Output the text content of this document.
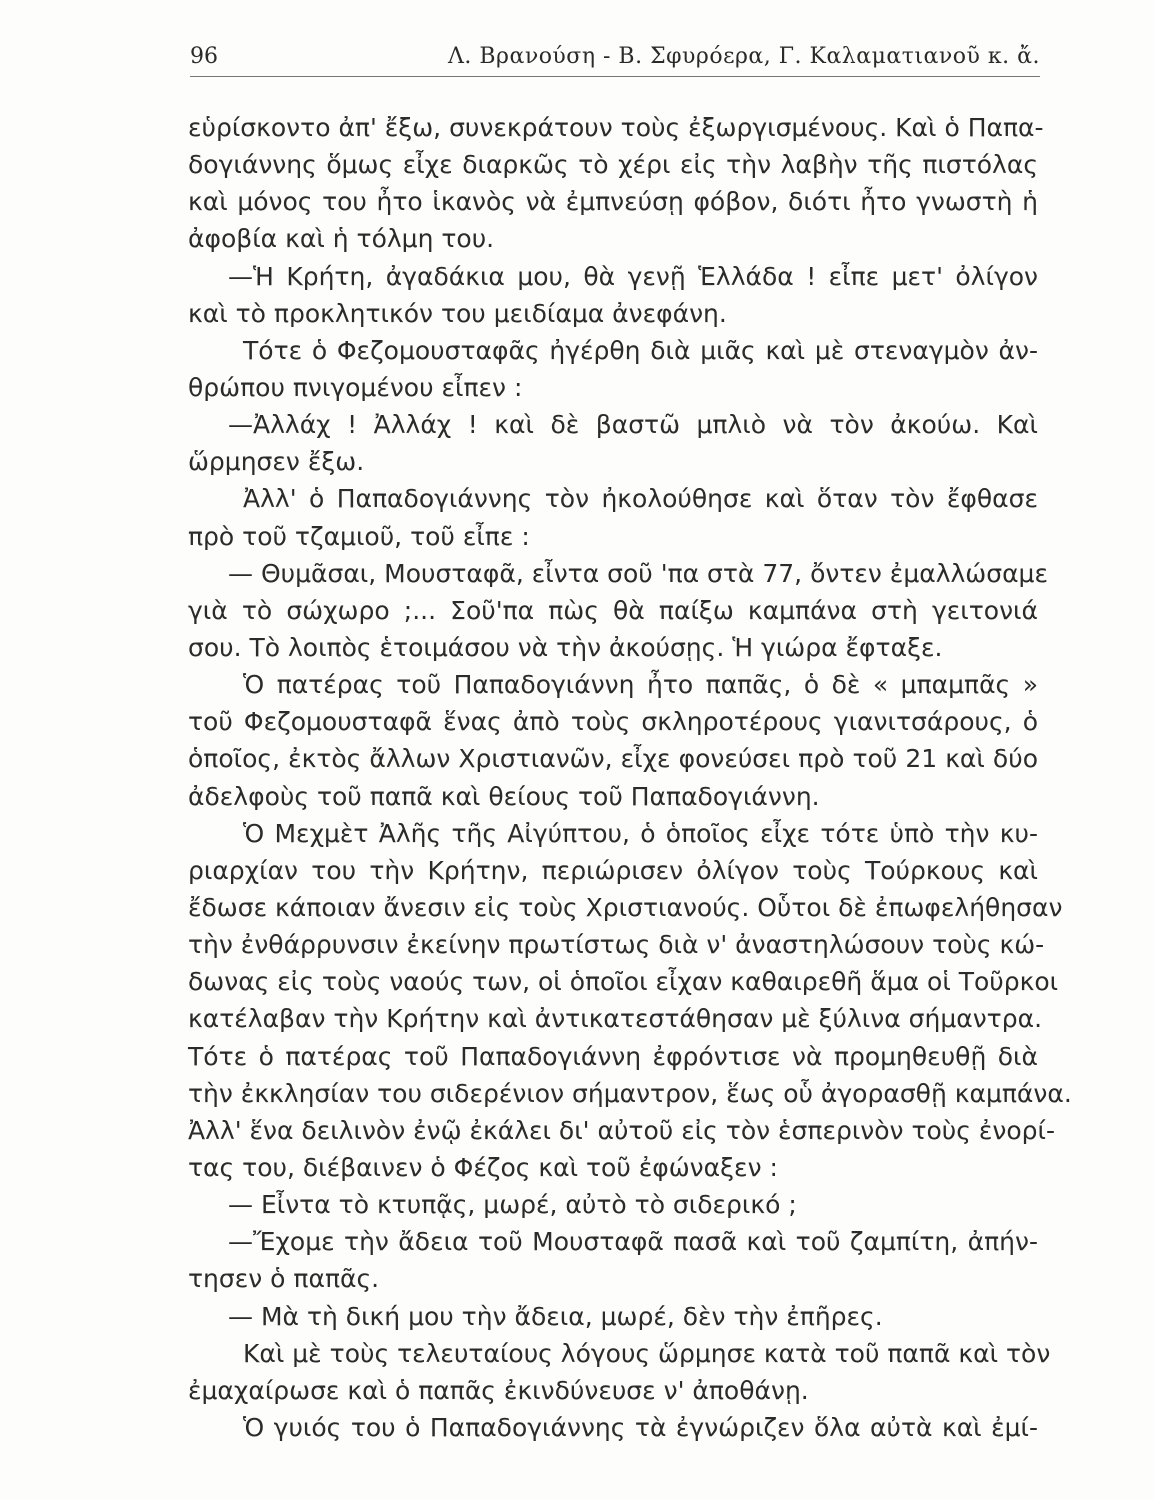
96	Λ. Βρανούση - Β. Σφυρόερα, Γ. Καλαματιανοῦ κ. ἄ.
εὑρίσκοντο ἀπ' ἔξω, συνεκράτουν τοὺς ἐξωργισμένους. Καὶ ὁ Παπα-
δογιάννης ὅμως εἶχε διαρκῶς τὸ χέρι εἰς τὴν λαβὴν τῆς πιστόλας
καὶ μόνος του ἦτο ἱκανὸς νὰ ἐμπνεύσῃ φόβον, διότι ἦτο γνωστὴ ἡ
ἀφοβία καὶ ἡ τόλμη του.
—Ἡ Κρήτη, ἀγαδάκια μου, θὰ γενῇ Ἑλλάδα ! εἶπε μετ' ὀλίγον
καὶ τὸ προκλητικόν του μειδίαμα ἀνεφάνη.
Τότε ὁ Φεζομουσταφᾶς ἠγέρθη διὰ μιᾶς καὶ μὲ στεναγμὸν ἀν-
θρώπου πνιγομένου εἶπεν :
—Ἀλλάχ ! Ἀλλάχ ! καὶ δὲ βαστῶ μπλιὸ νὰ τὸν ἀκούω. Καὶ
ὥρμησεν ἔξω.
Ἀλλ' ὁ Παπαδογιάννης τὸν ἠκολούθησε καὶ ὅταν τὸν ἔφθασε
πρὸ τοῦ τζαμιοῦ, τοῦ εἶπε :
— Θυμᾶσαι, Μουσταφᾶ, εἶντα σοῦ 'πα στὰ 77, ὄντεν ἐμαλλώσαμε
γιὰ τὸ σώχωρο ;... Σοῦ'πα πὼς θὰ παίξω καμπάνα στὴ γειτονιά
σου. Τὸ λοιπὸς ἑτοιμάσου νὰ τὴν ἀκούσῃς. Ἡ γιώρα ἔφταξε.
Ὁ πατέρας τοῦ Παπαδογιάννη ἦτο παπᾶς, ὁ δὲ « μπαμπᾶς »
τοῦ Φεζομουσταφᾶ ἕνας ἀπὸ τοὺς σκληροτέρους γιανιτσάρους, ὁ
ὁποῖος, ἐκτὸς ἄλλων Χριστιανῶν, εἶχε φονεύσει πρὸ τοῦ 21 καὶ δύο
ἀδελφοὺς τοῦ παπᾶ καὶ θείους τοῦ Παπαδογιάννη.
Ὁ Μεχμὲτ Ἀλῆς τῆς Αἰγύπτου, ὁ ὁποῖος εἶχε τότε ὑπὸ τὴν κυ-
ριαρχίαν του τὴν Κρήτην, περιώρισεν ὀλίγον τοὺς Τούρκους καὶ
ἔδωσε κάποιαν ἄνεσιν εἰς τοὺς Χριστιανούς. Οὗτοι δὲ ἐπωφελήθησαν
τὴν ἐνθάρρυνσιν ἐκείνην πρωτίστως διὰ ν' ἀναστηλώσουν τοὺς κώ-
δωνας εἰς τοὺς ναούς των, οἱ ὁποῖοι εἶχαν καθαιρεθῆ ἅμα οἱ Τοῦρκοι
κατέλαβαν τὴν Κρήτην καὶ ἀντικατεστάθησαν μὲ ξύλινα σήμαντρα.
Τότε ὁ πατέρας τοῦ Παπαδογιάννη ἐφρόντισε νὰ προμηθευθῇ διὰ
τὴν ἐκκλησίαν του σιδερένιον σήμαντρον, ἕως οὗ ἀγορασθῇ καμπάνα.
Ἀλλ' ἕνα δειλινὸν ἐνῷ ἐκάλει δι' αὐτοῦ εἰς τὸν ἑσπερινὸν τοὺς ἐνορί-
τας του, διέβαινεν ὁ Φέζος καὶ τοῦ ἐφώναξεν :
— Εἶντα τὸ κτυπᾷς, μωρέ, αὐτὸ τὸ σιδερικό ;
—Ἔχομε τὴν ἄδεια τοῦ Μουσταφᾶ πασᾶ καὶ τοῦ ζαμπίτη, ἀπήν-
τησεν ὁ παπᾶς.
— Μὰ τὴ δική μου τὴν ἄδεια, μωρέ, δὲν τὴν ἐπῆρες.
Καὶ μὲ τοὺς τελευταίους λόγους ὥρμησε κατὰ τοῦ παπᾶ καὶ τὸν
ἐμαχαίρωσε καὶ ὁ παπᾶς ἐκινδύνευσε ν' ἀποθάνῃ.
Ὁ γυιός του ὁ Παπαδογιάννης τὰ ἐγνώριζεν ὅλα αὐτὰ καὶ ἐμί-
